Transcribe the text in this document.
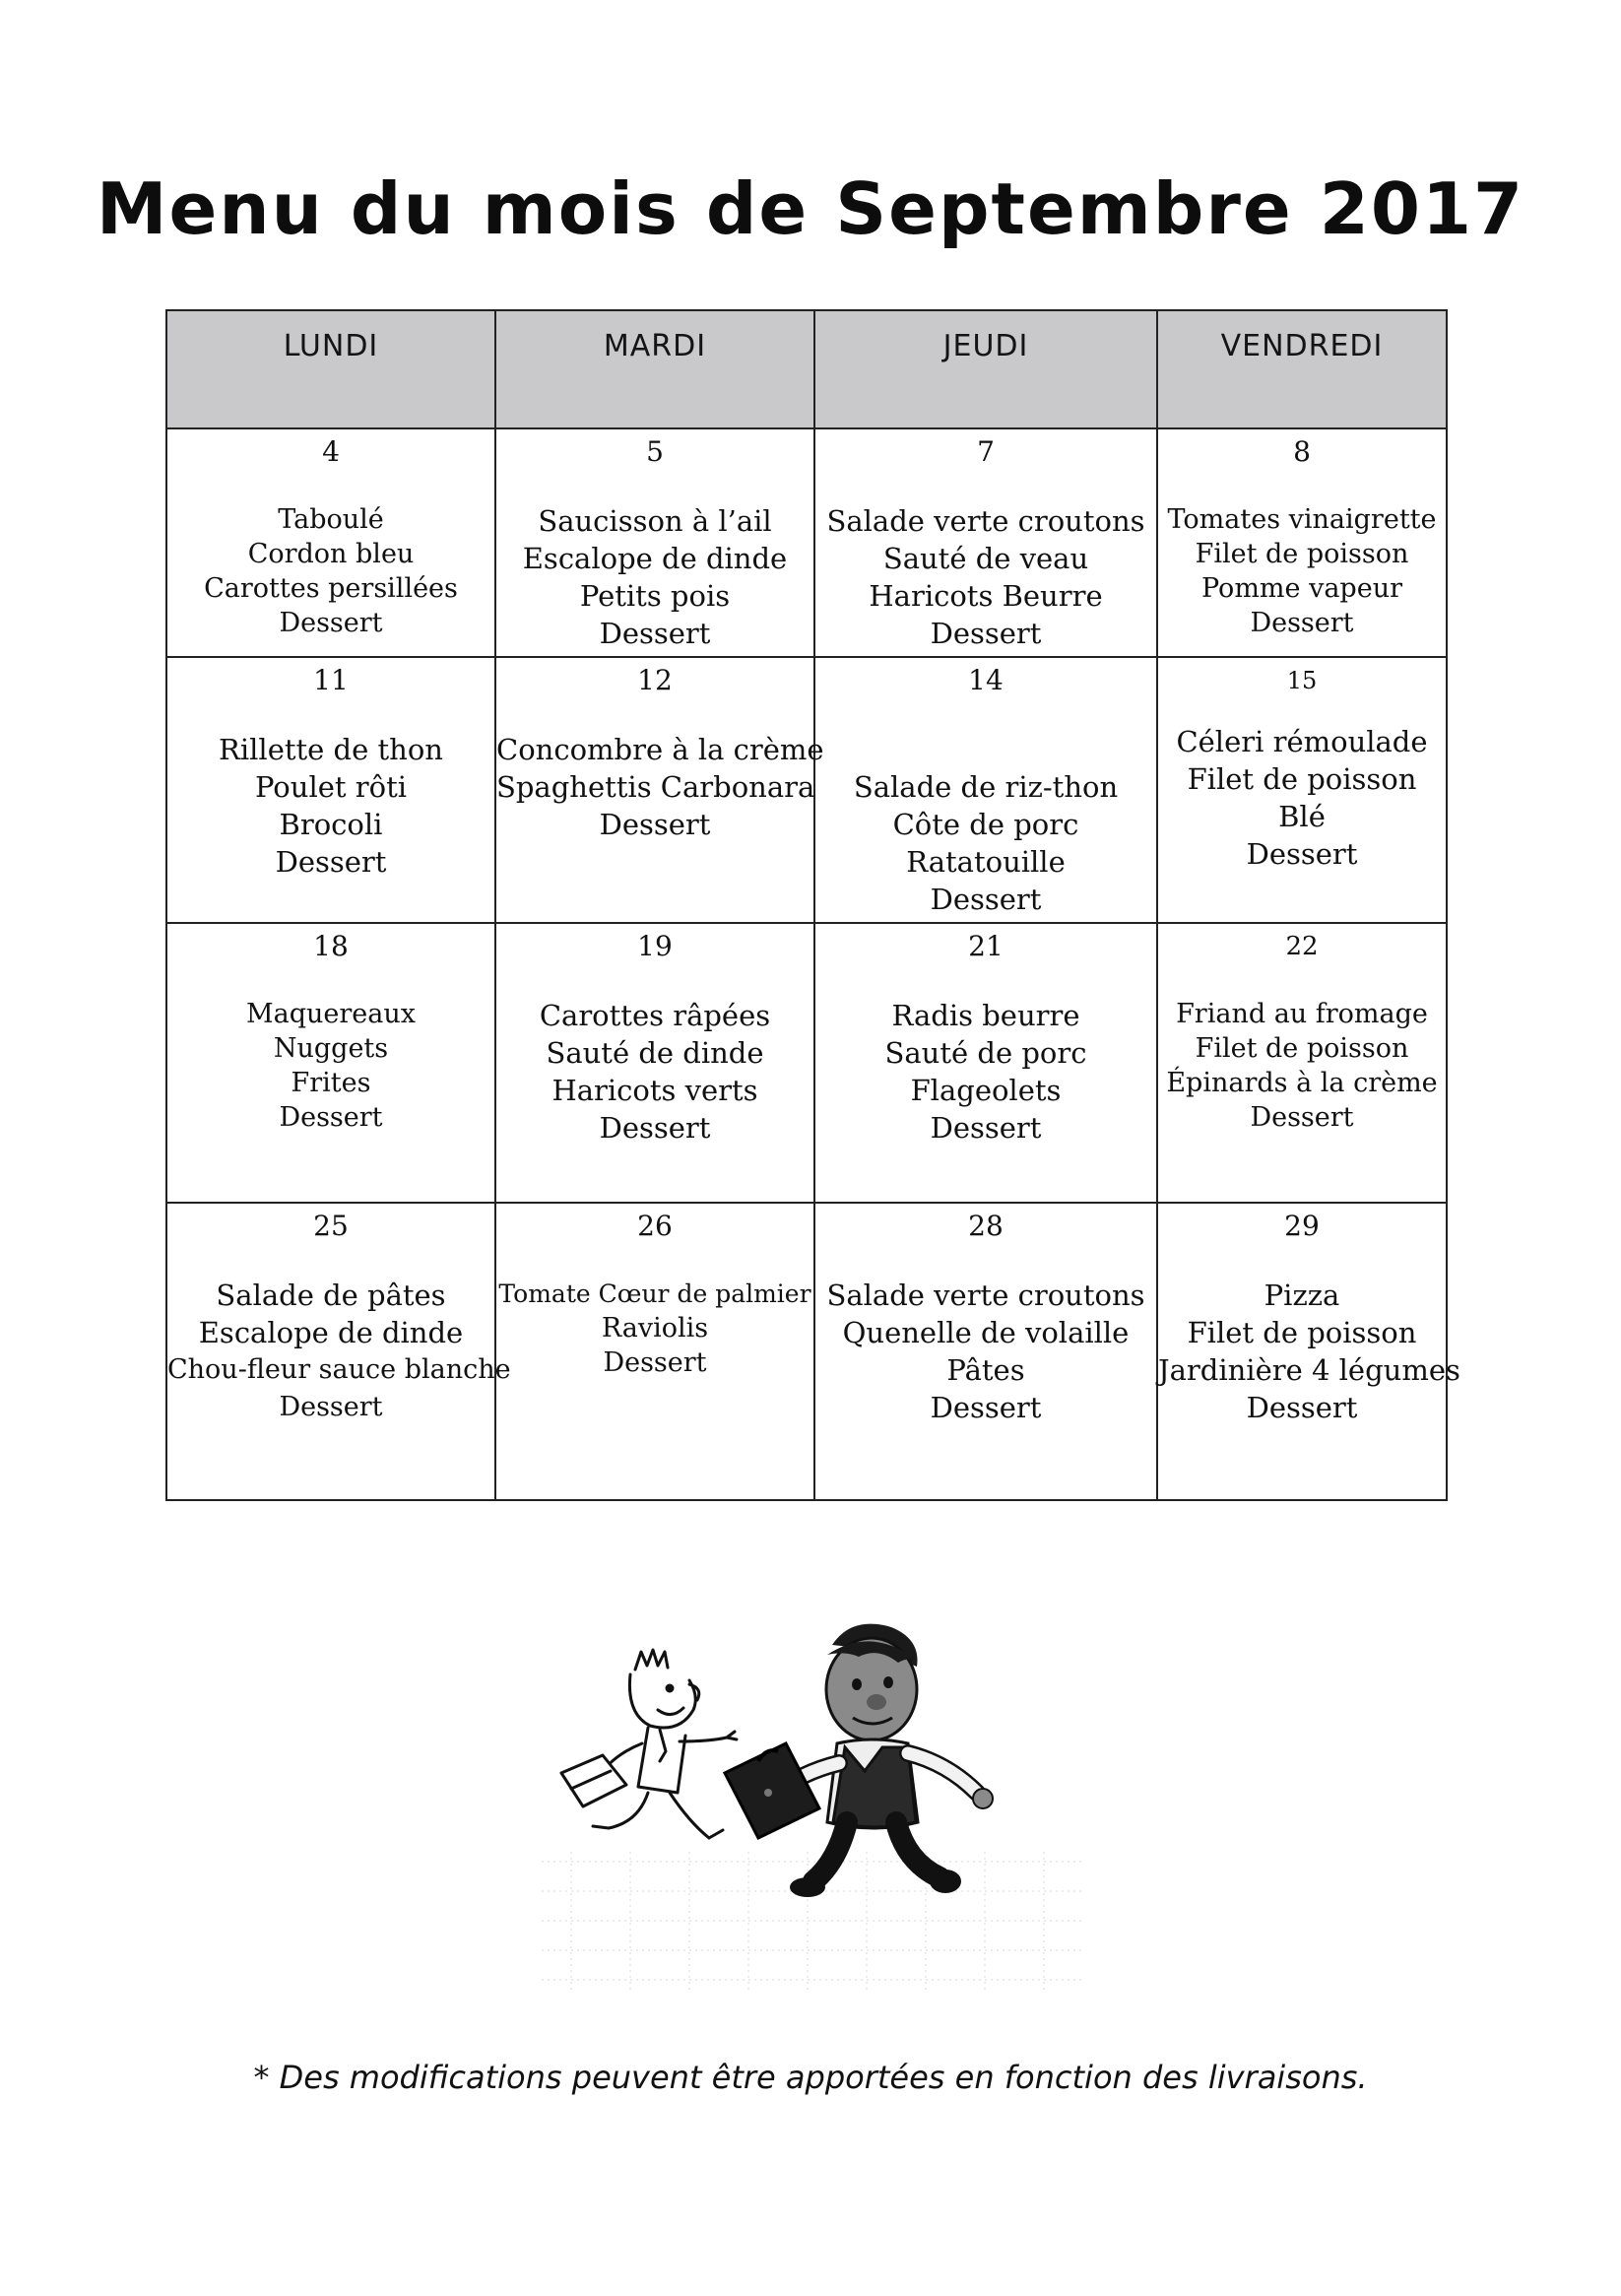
Menu du mois de Septembre 2017
LUNDI	MARDI	JEUDI	VENDREDI

4
Taboulé
Cordon bleu
Carottes persillées
Dessert	5
Saucisson à l’ail
Escalope de dinde
Petits pois
Dessert	7
Salade verte croutons
Sauté de veau
Haricots Beurre
Dessert	8
Tomates vinaigrette
Filet de poisson
Pomme vapeur
Dessert

11
Rillette de thon
Poulet rôti
Brocoli
Dessert	12
Concombre à la crème
Spaghettis Carbonara
Dessert	14
Salade de riz-thon
Côte de porc
Ratatouille
Dessert	15
Céleri rémoulade
Filet de poisson
Blé
Dessert

18
Maquereaux
Nuggets
Frites
Dessert	19
Carottes râpées
Sauté de dinde
Haricots verts
Dessert	21
Radis beurre
Sauté de porc
Flageolets
Dessert	22
Friand au fromage
Filet de poisson
Épinards à la crème
Dessert

25
Salade de pâtes
Escalope de dinde
Chou-fleur sauce blanche
Dessert	26
Tomate Cœur de palmier
Raviolis
Dessert	28
Salade verte croutons
Quenelle de volaille
Pâtes
Dessert	29
Pizza
Filet de poisson
Jardinière 4 légumes
Dessert
* Des modifications peuvent être apportées en fonction des livraisons.
